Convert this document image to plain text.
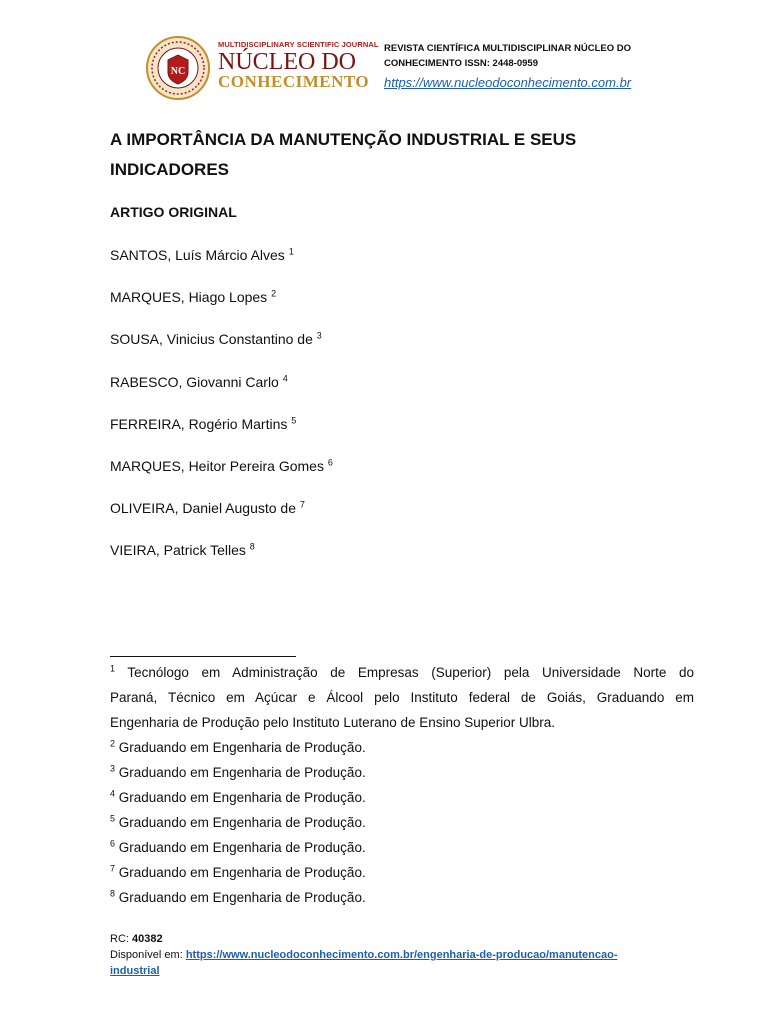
NC
MULTIDISCIPLINARY SCIENTIFIC JOURNAL
NÚCLEO DO
CONHECIMENTO
REVISTA CIENTÍFICA MULTIDISCIPLINAR NÚCLEO DO
CONHECIMENTO ISSN: 2448-0959
https://www.nucleodoconhecimento.com.br
A IMPORTÂNCIA DA MANUTENÇÃO INDUSTRIAL E SEUS INDICADORES
ARTIGO ORIGINAL
SANTOS, Luís Márcio Alves $^1$
MARQUES, Hiago Lopes $^2$
SOUSA, Vinicius Constantino de $^3$
RABESCO, Giovanni Carlo $^4$
FERREIRA, Rogério Martins $^5$
MARQUES, Heitor Pereira Gomes $^6$
OLIVEIRA, Daniel Augusto de $^7$
VIEIRA, Patrick Telles $^8$
$^1$ Tecnólogo em Administração de Empresas (Superior) pela Universidade Norte do
Paraná, Técnico em Açúcar e Álcool pelo Instituto federal de Goiás, Graduando em
Engenharia de Produção pelo Instituto Luterano de Ensino Superior Ulbra.
$^2$ Graduando em Engenharia de Produção.
$^3$ Graduando em Engenharia de Produção.
$^4$ Graduando em Engenharia de Produção.
$^5$ Graduando em Engenharia de Produção.
$^6$ Graduando em Engenharia de Produção.
$^7$ Graduando em Engenharia de Produção.
$^8$ Graduando em Engenharia de Produção.
RC: 40382
Disponível em: https://www.nucleodoconhecimento.com.br/engenharia-de-producao/manutencao-
industrial
